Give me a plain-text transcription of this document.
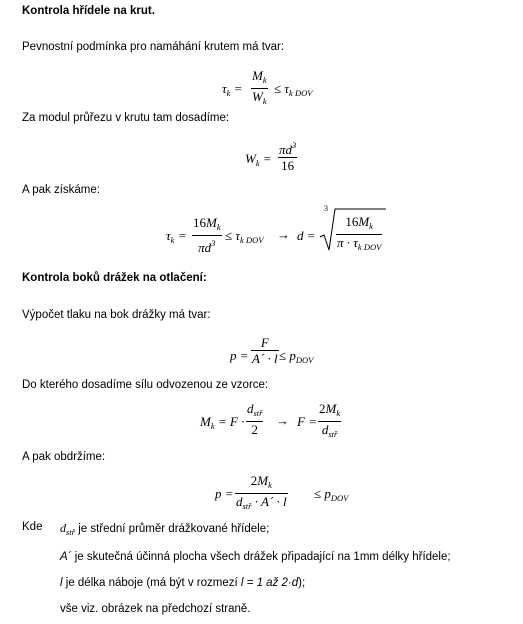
Kontrola hřídele na krut.
Pevnostní podmínka pro namáhání krutem má tvar:
$\tau_k$ =
$M_k$
$W_k$
≤ $\tau_{k DOV}$
Za modul průřezu v krutu tam dosadíme:
$W_k$ =
$\pi d^3$
16
A pak získáme:
$\tau_k$ =
$16M_k$
$\pi d^3 \le \tau_{k DOV} \to d$ =
3
$16M_k$
$\pi \cdot \tau_{k DOV}$
Kontrola boků drážek na otlačení:
Výpočet tlaku na bok drážky má tvar:
p =
F
A´ · $l \le p_{DOV}$
Do kterého dosadíme sílu odvozenou ze vzorce:
$M_k = F$ ·
$d_{stř}$
2
→ F =
$2M_k$
$d_{stř}$
A pak obdržíme:
p =
$2M_k$
$d_{stř}$ · A´ · l
≤ $p_{DOV}$
Kde $d_{stř}$ je střední průměr drážkované hřídele;
A´ je skutečná účinná plocha všech drážek připadající na 1mm délky hřídele;
l je délka náboje (má být v rozmezí l = 1 až 2·d);
vše viz. obrázek na předchozí straně.
